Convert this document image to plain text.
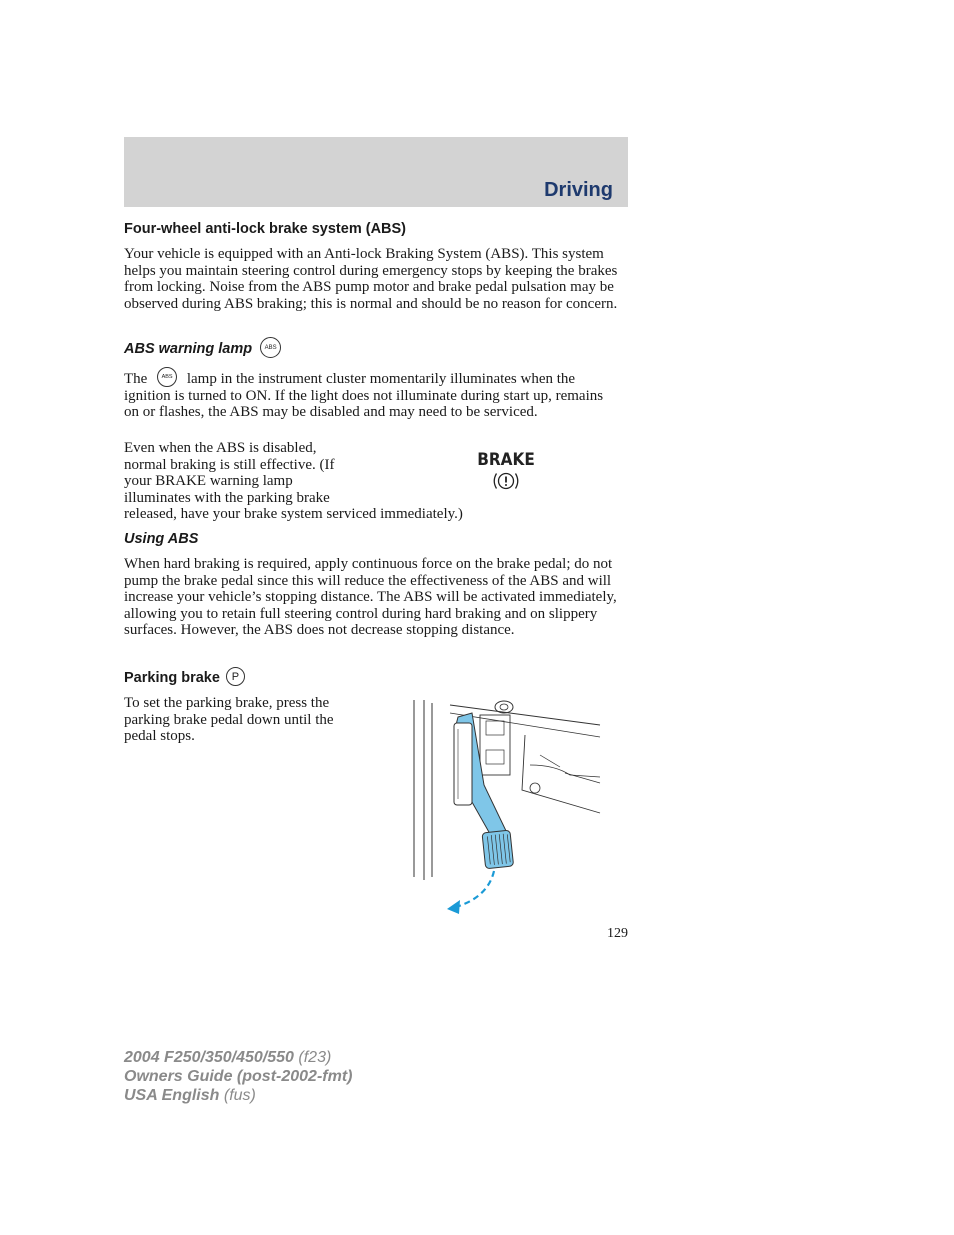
Driving
Four-wheel anti-lock brake system (ABS)
Your vehicle is equipped with an Anti-lock Braking System (ABS). This system helps you maintain steering control during emergency stops by keeping the brakes from locking. Noise from the ABS pump motor and brake pedal pulsation may be observed during ABS braking; this is normal and should be no reason for concern.
ABS warning lamp	ABS
The	ABS lamp in the instrument cluster momentarily illuminates when the ignition is turned to ON. If the light does not illuminate during start up, remains on or flashes, the ABS may be disabled and may need to be serviced.
Even when the ABS is disabled,
normal braking is still effective. (If
your BRAKE warning lamp
illuminates with the parking brake
released, have your brake system serviced immediately.)
BRAKE
Using ABS
When hard braking is required, apply continuous force on the brake pedal; do not pump the brake pedal since this will reduce the effectiveness of the ABS and will increase your vehicle’s stopping distance. The ABS will be activated immediately, allowing you to retain full steering control during hard braking and on slippery surfaces. However, the ABS does not decrease stopping distance.
Parking brake	P
To set the parking brake, press the
parking brake pedal down until the
pedal stops.
129
2004 F250/350/450/550 (f23)
Owners Guide (post-2002-fmt)
USA English (fus)
